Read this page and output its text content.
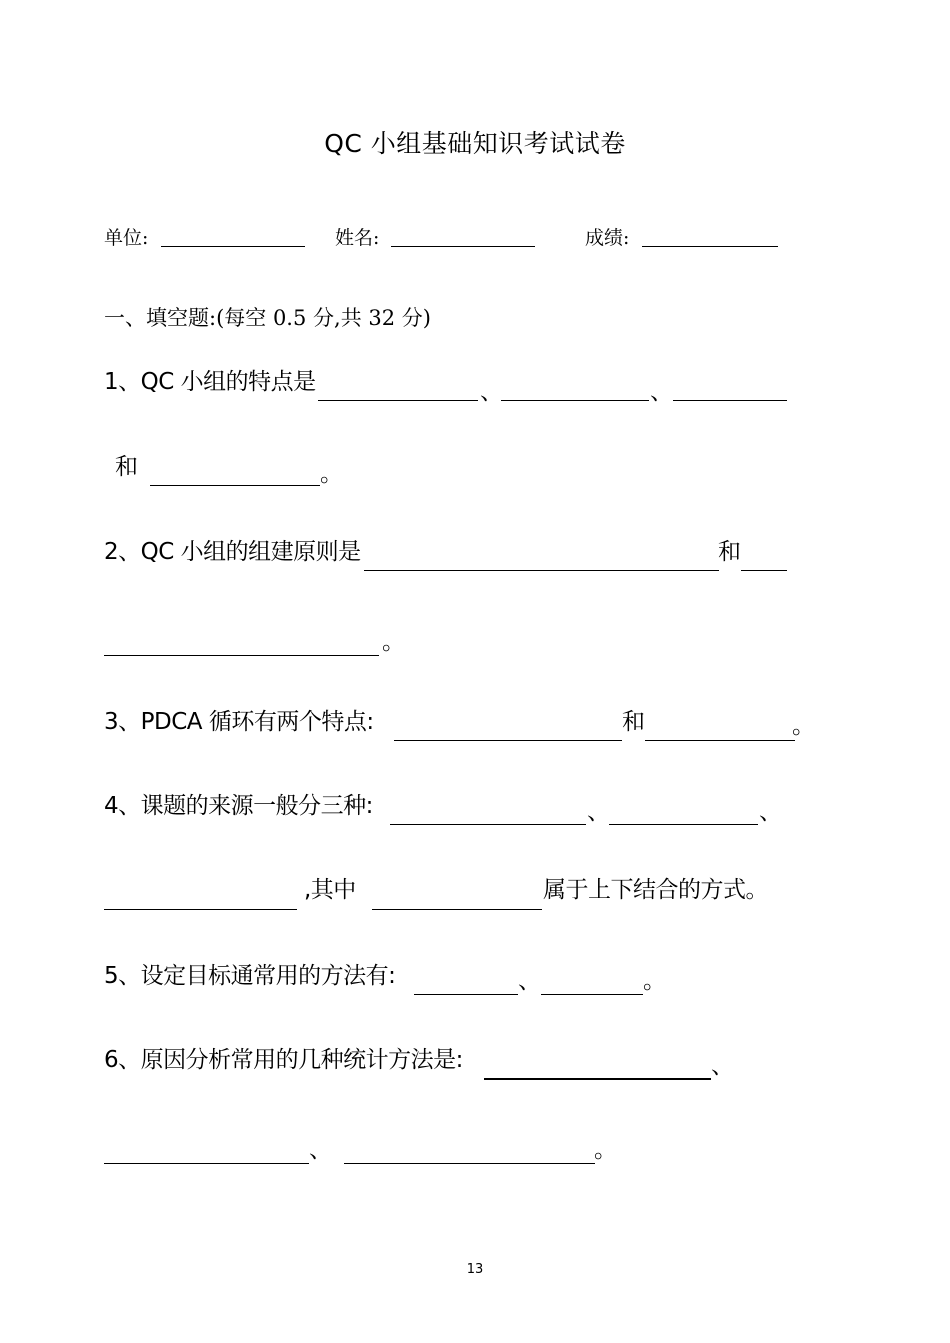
QC 小组基础知识考试试卷
单位:	姓名:	成绩:
一、填空题:(每空 0.5 分,共 32 分)
1、QC 小组的特点是	、	、
和	。
2、QC 小组的组建原则是	和
。
3、PDCA 循环有两个特点:	和	。
4、课题的来源一般分三种:	、	、
,其中	属于上下结合的方式。
5、设定目标通常用的方法有:	、	。
6、原因分析常用的几种统计方法是:	、
、	。
13
